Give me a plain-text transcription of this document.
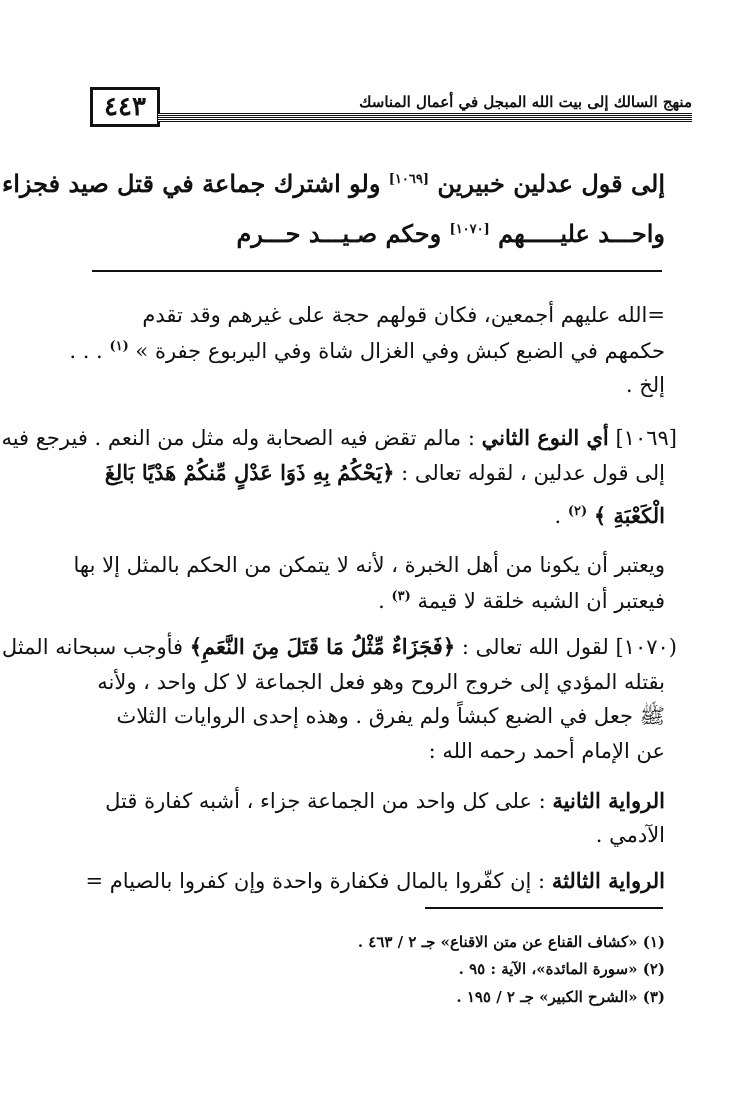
٤٤٣	منهج السالك إلى بيت الله المبجل في أعمال المناسك
إلى قول عدلين خبيرين [١٠٦٩] ولو اشترك جماعة في قتل صيد فجزاء
واحـــد عليـــــهم [١٠٧٠] وحكم صـيـــد حـــرم
=الله عليهم أجمعين، فكان قولهم حجة على غيرهم وقد تقدم
حكمهم في الضبع كبش وفي الغزال شاة وفي اليربوع جفرة » $^{(١)}$ . . .
إلخ .
[١٠٦٩] أي النوع الثاني : مالم تقض فيه الصحابة وله مثل من النعم . فيرجع فيه
إلى قول عدلين ، لقوله تعالى : ﴿يَحْكُمُ بِهِ ذَوَا عَدْلٍ مِّنكُمْ هَدْيًا بَالِغَ
الْكَعْبَةِ ﴾ $^{(٢)}$ .
ويعتبر أن يكونا من أهل الخبرة ، لأنه لا يتمكن من الحكم بالمثل إلا بها
فيعتبر أن الشبه خلقة لا قيمة $^{(٣)}$ .
(١٠٧٠] لقول الله تعالى : ﴿فَجَزَاءٌ مِّثْلُ مَا قَتَلَ مِنَ النَّعَمِ﴾ فأوجب سبحانه المثل
بقتله المؤدي إلى خروج الروح وهو فعل الجماعة لا كل واحد ، ولأنه
ﷺ جعل في الضبع كبشاً ولم يفرق . وهذه إحدى الروايات الثلاث
عن الإمام أحمد رحمه الله :
الرواية الثانية : على كل واحد من الجماعة جزاء ، أشبه كفارة قتل
الآدمي .
الرواية الثالثة : إن كفّروا بالمال فكفارة واحدة وإن كفروا بالصيام =
(١) «كشاف القناع عن متن الاقناع» جـ ٢ / ٤٦٣ .
(٢) «سورة المائدة»، الآية : ٩٥ .
(٣) «الشرح الكبير» جـ ٢ / ١٩٥ .
